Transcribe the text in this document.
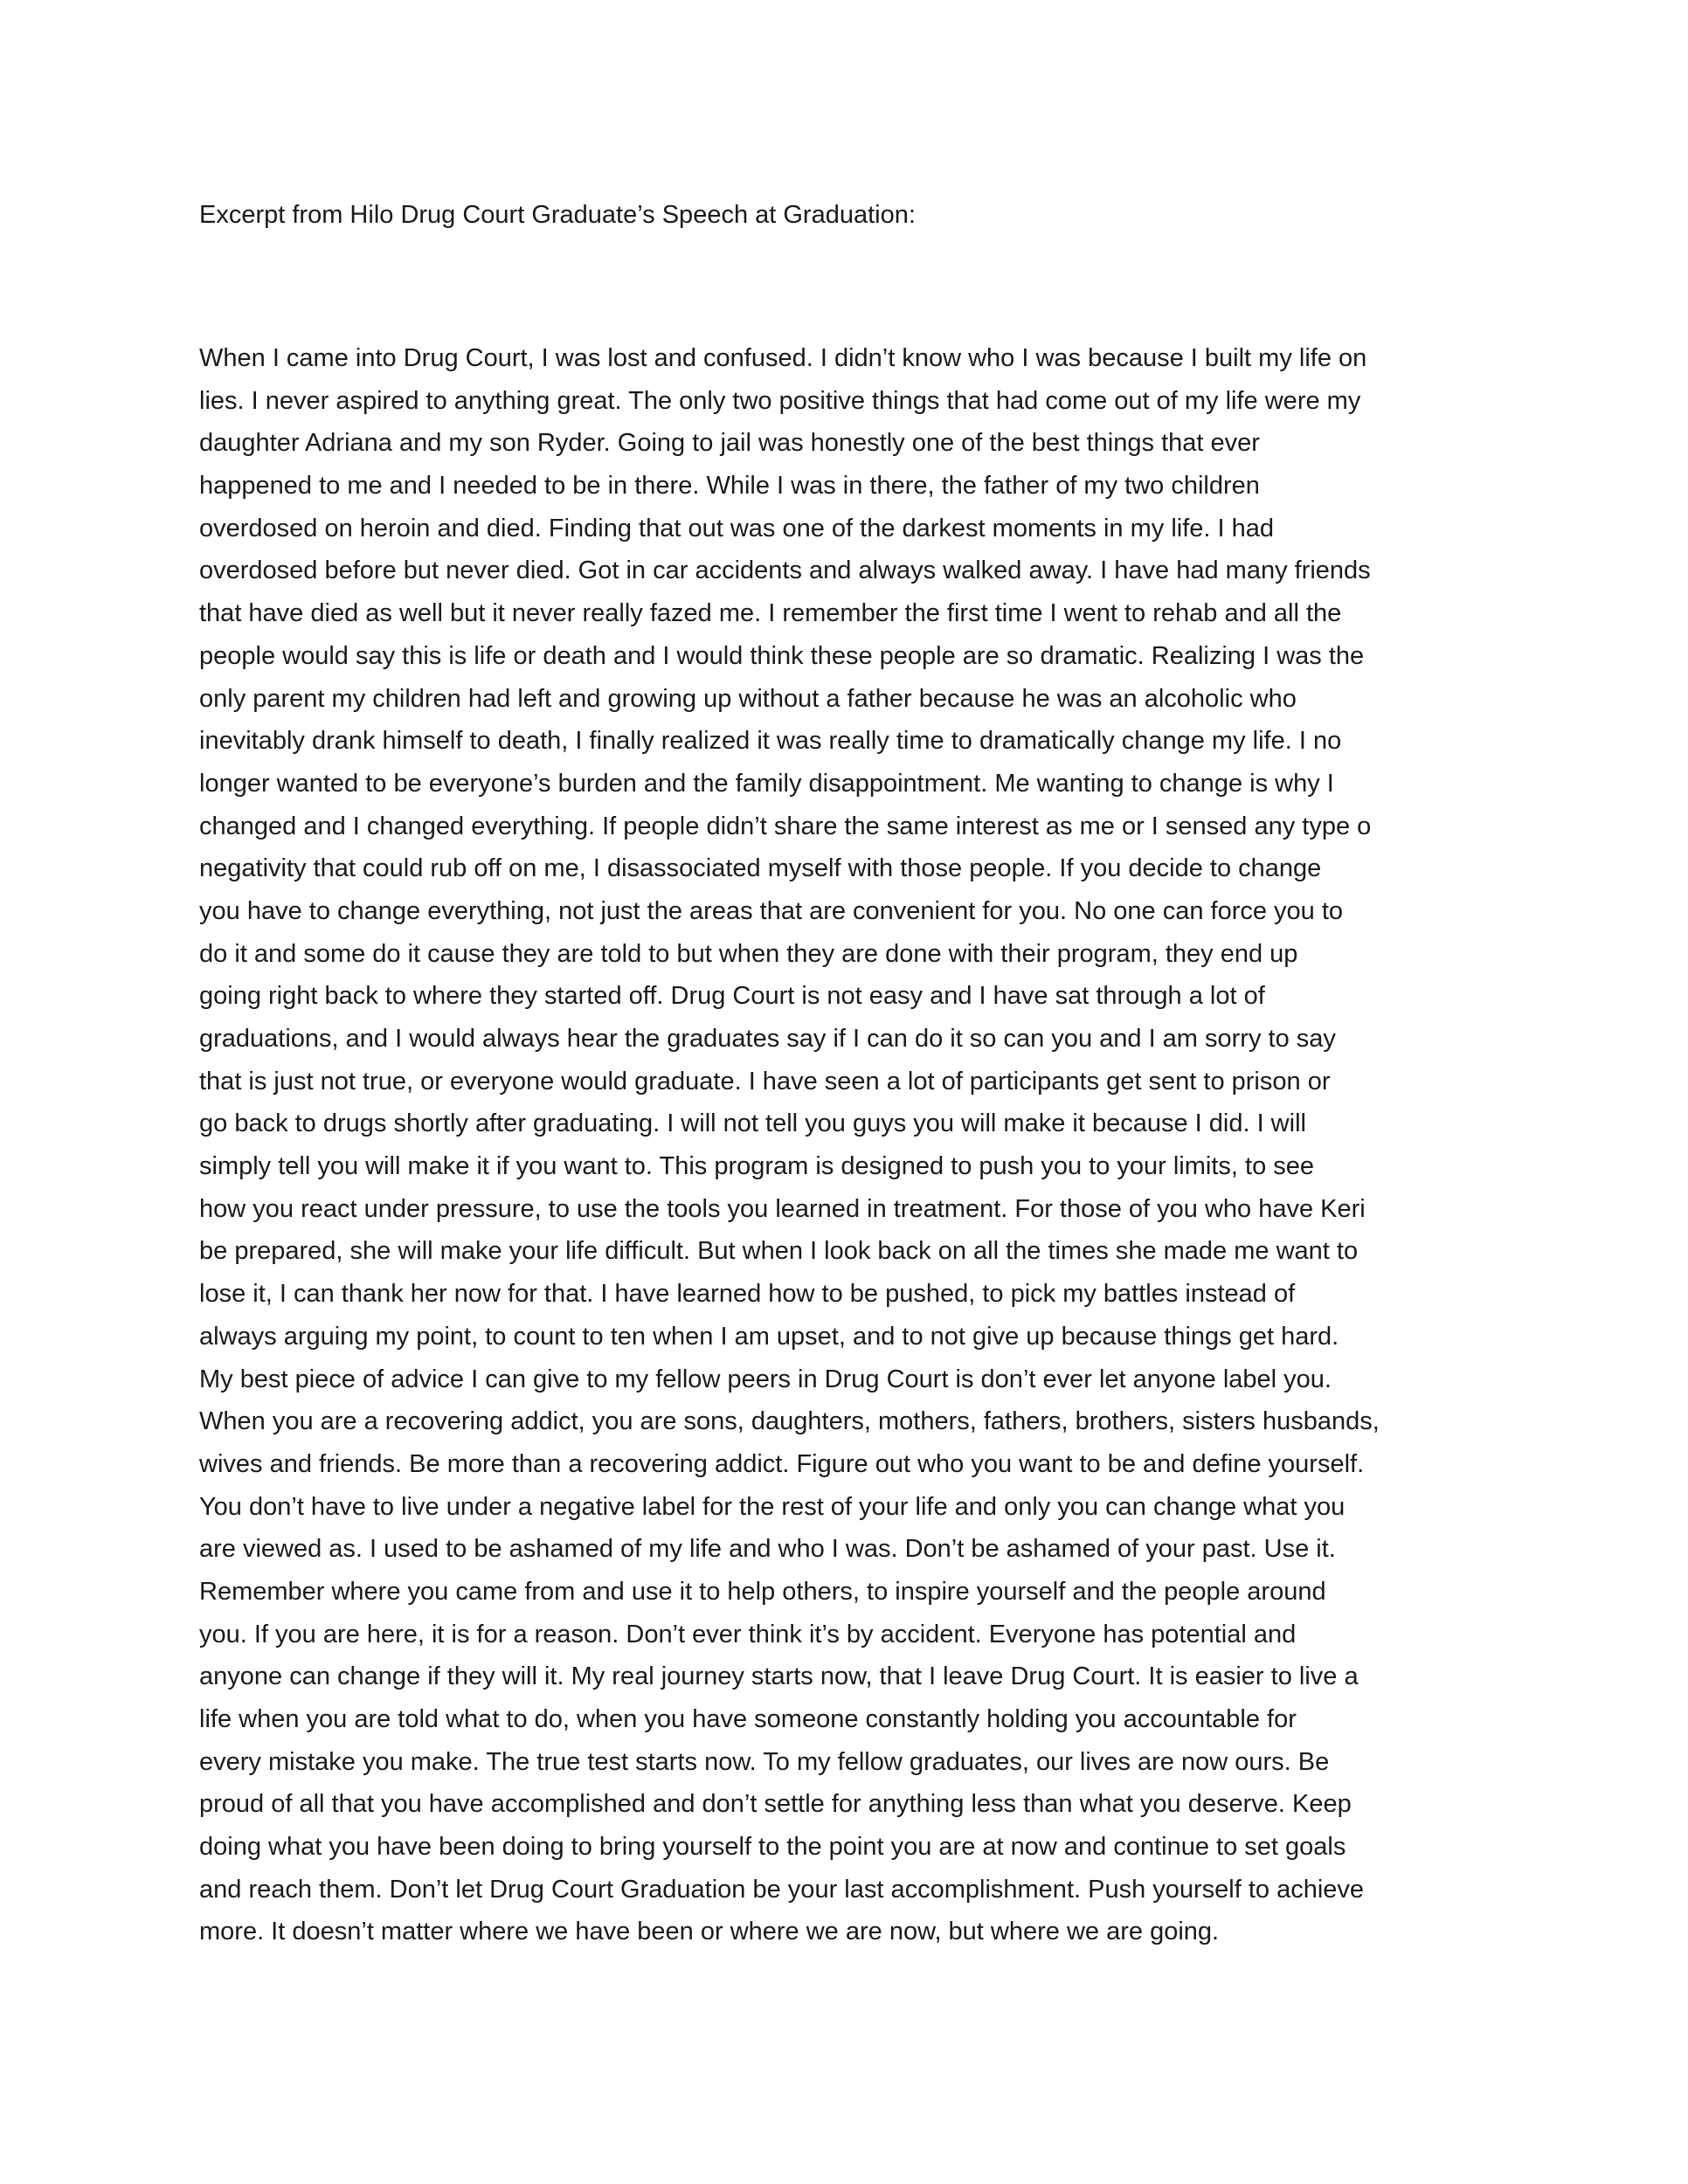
Excerpt from Hilo Drug Court Graduate’s Speech at Graduation:
When I came into Drug Court, I was lost and confused. I didn’t know who I was because I built my life on
lies. I never aspired to anything great. The only two positive things that had come out of my life were my
daughter Adriana and my son Ryder. Going to jail was honestly one of the best things that ever
happened to me and I needed to be in there. While I was in there, the father of my two children
overdosed on heroin and died. Finding that out was one of the darkest moments in my life. I had
overdosed before but never died. Got in car accidents and always walked away. I have had many friends
that have died as well but it never really fazed me. I remember the first time I went to rehab and all the
people would say this is life or death and I would think these people are so dramatic. Realizing I was the
only parent my children had left and growing up without a father because he was an alcoholic who
inevitably drank himself to death, I finally realized it was really time to dramatically change my life. I no
longer wanted to be everyone’s burden and the family disappointment. Me wanting to change is why I
changed and I changed everything. If people didn’t share the same interest as me or I sensed any type o
negativity that could rub off on me, I disassociated myself with those people. If you decide to change
you have to change everything, not just the areas that are convenient for you. No one can force you to
do it and some do it cause they are told to but when they are done with their program, they end up
going right back to where they started off. Drug Court is not easy and I have sat through a lot of
graduations, and I would always hear the graduates say if I can do it so can you and I am sorry to say
that is just not true, or everyone would graduate. I have seen a lot of participants get sent to prison or
go back to drugs shortly after graduating. I will not tell you guys you will make it because I did. I will
simply tell you will make it if you want to. This program is designed to push you to your limits, to see
how you react under pressure, to use the tools you learned in treatment. For those of you who have Keri
be prepared, she will make your life difficult. But when I look back on all the times she made me want to
lose it, I can thank her now for that. I have learned how to be pushed, to pick my battles instead of
always arguing my point, to count to ten when I am upset, and to not give up because things get hard.
My best piece of advice I can give to my fellow peers in Drug Court is don’t ever let anyone label you.
When you are a recovering addict, you are sons, daughters, mothers, fathers, brothers, sisters husbands,
wives and friends. Be more than a recovering addict. Figure out who you want to be and define yourself.
You don’t have to live under a negative label for the rest of your life and only you can change what you
are viewed as. I used to be ashamed of my life and who I was. Don’t be ashamed of your past. Use it.
Remember where you came from and use it to help others, to inspire yourself and the people around
you. If you are here, it is for a reason. Don’t ever think it’s by accident. Everyone has potential and
anyone can change if they will it. My real journey starts now, that I leave Drug Court. It is easier to live a
life when you are told what to do, when you have someone constantly holding you accountable for
every mistake you make. The true test starts now. To my fellow graduates, our lives are now ours. Be
proud of all that you have accomplished and don’t settle for anything less than what you deserve. Keep
doing what you have been doing to bring yourself to the point you are at now and continue to set goals
and reach them. Don’t let Drug Court Graduation be your last accomplishment. Push yourself to achieve
more. It doesn’t matter where we have been or where we are now, but where we are going.
